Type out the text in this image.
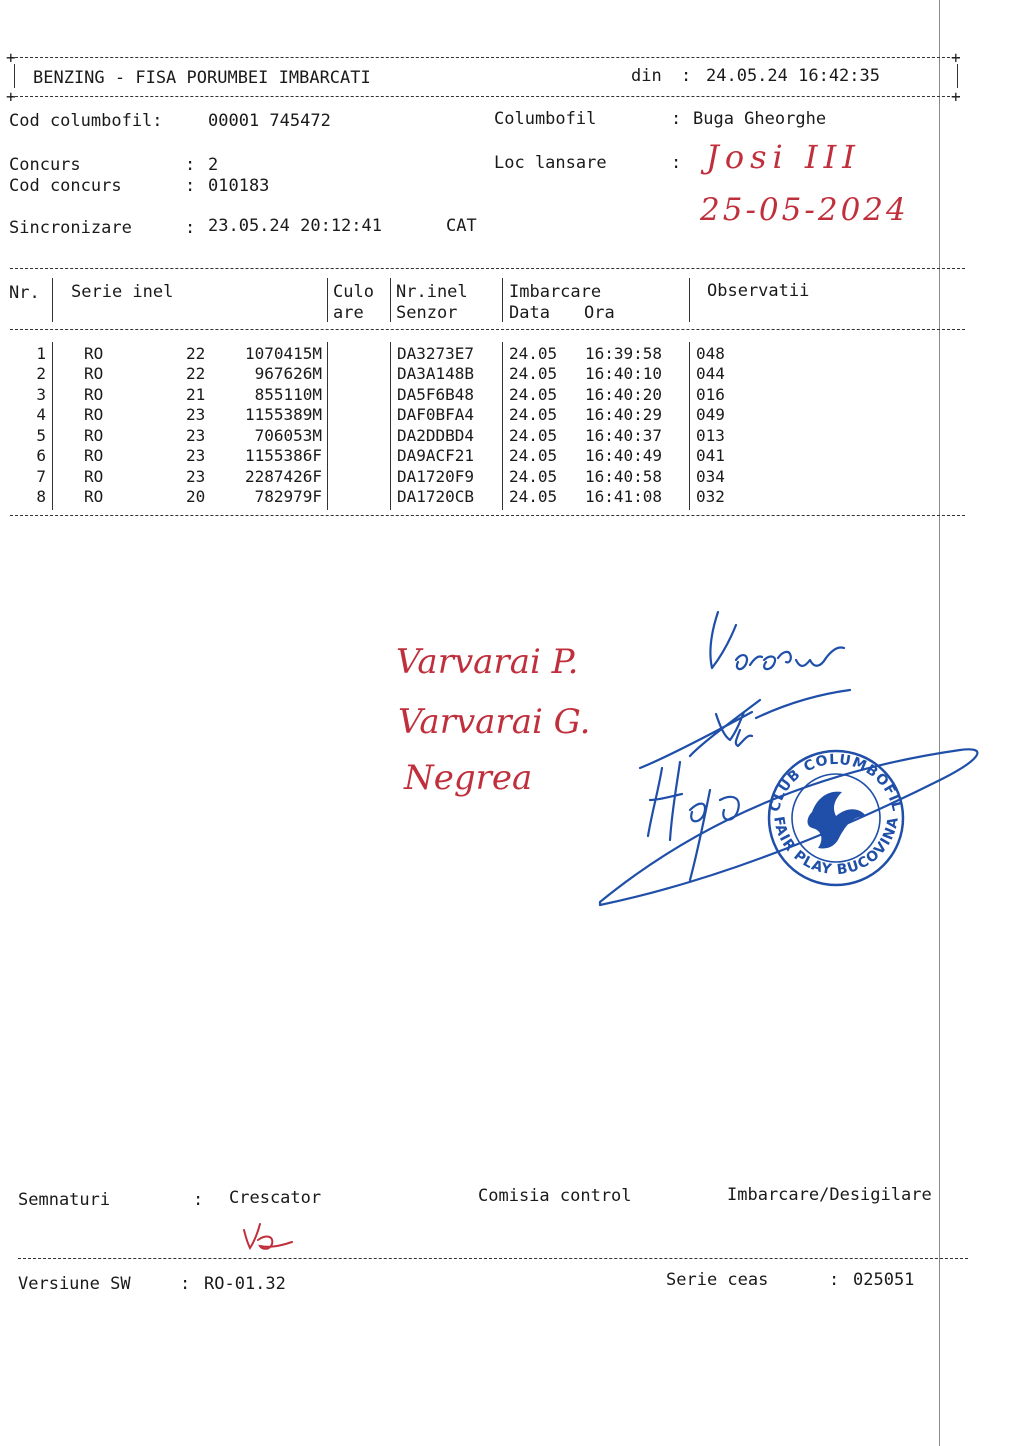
+	+
BENZING - FISA PORUMBEI IMBARCATI	din : 24.05.24 16:42:35
+	+
Cod columbofil:	00001 745472	Columbofil	: Buga Gheorghe
Concurs	: 2	Loc lansare	: Josi III
25-05-2024
Cod concurs	: 010183
Sincronizare	: 23.05.24 20:12:41	CAT
Nr. Serie inel	Culo
are
Nr.inel
Senzor
Imbarcare
Data Ora
Observatii
1 RO	22	1070415M	DA3273E7 24.05 16:39:58 048
2 RO	22	967626M	DA3A148B 24.05 16:40:10 044
3 RO	21	855110M	DA5F6B48 24.05 16:40:20 016
4 RO	23	1155389M	DAF0BFA4 24.05 16:40:29 049
5 RO	23	706053M	DA2DDBD4 24.05 16:40:37 013
6 RO	23	1155386F	DA9ACF21 24.05 16:40:49 041
7 RO	23	2287426F	DA1720F9 24.05 16:40:58 034
8 RO	20	782979F	DA1720CB 24.05 16:41:08 032
Varvarai P.
Varvarai G.
Negrea
CLUB COLUMBOFIL
FAIR PLAY BUCOVINA
Semnaturi	: Crescator	Comisia control	Imbarcare/Desigilare
Versiune SW	: RO-01.32	Serie ceas	: 025051
